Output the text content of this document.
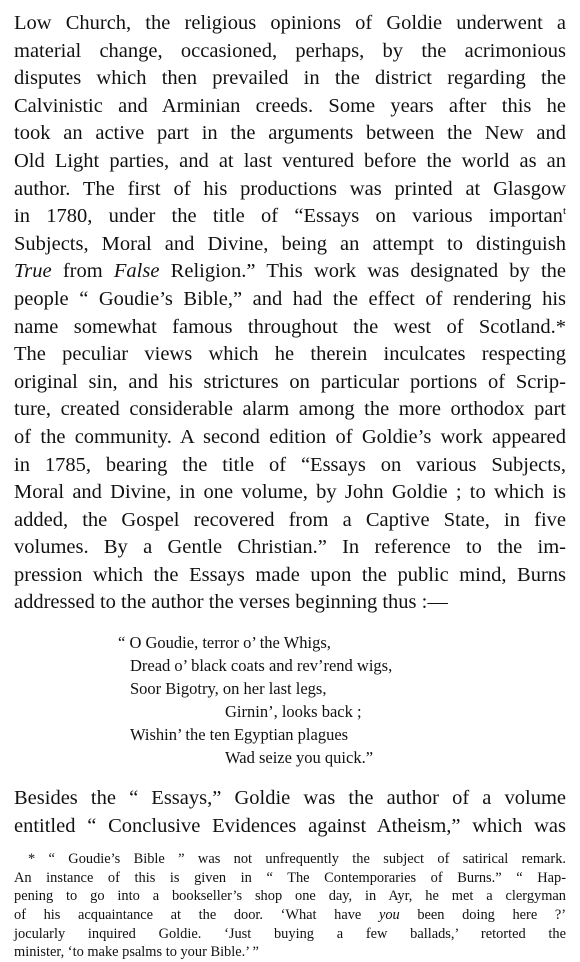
Low Church, the religious opinions of Goldie underwent a
material change, occasioned, perhaps, by the acrimonious
disputes which then prevailed in the district regarding the
Calvinistic and Arminian creeds. Some years after this he
took an active part in the arguments between the New and
Old Light parties, and at last ventured before the world as an
author. The first of his productions was printed at Glasgow
in 1780, under the title of “Essays on various importan$^t$
Subjects, Moral and Divine, being an attempt to distinguish
True from False Religion.” This work was designated by the
people “ Goudie’s Bible,” and had the effect of rendering his
name somewhat famous throughout the west of Scotland.*
The peculiar views which he therein inculcates respecting
original sin, and his strictures on particular portions of Scrip-
ture, created considerable alarm among the more orthodox part
of the community. A second edition of Goldie’s work appeared
in 1785, bearing the title of “Essays on various Subjects,
Moral and Divine, in one volume, by John Goldie ; to which is
added, the Gospel recovered from a Captive State, in five
volumes. By a Gentle Christian.” In reference to the im-
pression which the Essays made upon the public mind, Burns
addressed to the author the verses beginning thus :—
“ O Goudie, terror o’ the Whigs,
Dread o’ black coats and rev’rend wigs,
Soor Bigotry, on her last legs,
Girnin’, looks back ;
Wishin’ the ten Egyptian plagues
Wad seize you quick.”
Besides the “ Essays,” Goldie was the author of a volume
entitled “ Conclusive Evidences against Atheism,” which was
* “ Goudie’s Bible ” was not unfrequently the subject of satirical remark.
An instance of this is given in “ The Contemporaries of Burns.” “ Hap-
pening to go into a bookseller’s shop one day, in Ayr, he met a clergyman
of his acquaintance at the door. ‘What have you been doing here ?’
jocularly inquired Goldie. ‘Just buying a few ballads,’ retorted the
minister, ‘to make psalms to your Bible.’ ”
